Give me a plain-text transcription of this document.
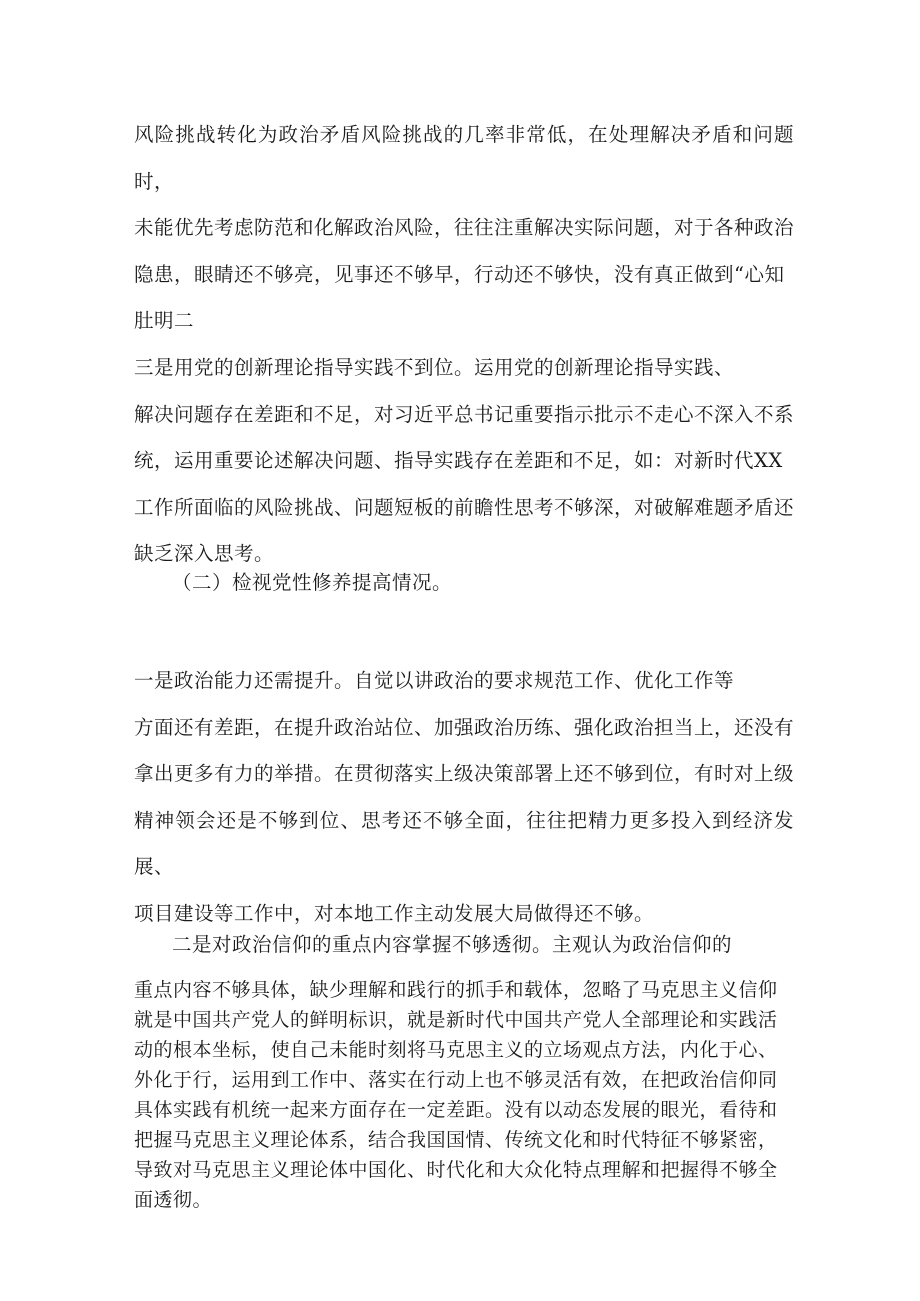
风险挑战转化为政治矛盾风险挑战的几率非常低，在处理解决矛盾和问题时，
未能优先考虑防范和化解政治风险，往往注重解决实际问题，对于各种政治
隐患，眼睛还不够亮，见事还不够早，行动还不够快，没有真正做到“心知
肚明二

三是用党的创新理论指导实践不到位。运用党的创新理论指导实践、
解决问题存在差距和不足，对习近平总书记重要指示批示不走心不深入不系
统，运用重要论述解决问题、指导实践存在差距和不足，如：对新时代XX
工作所面临的风险挑战、问题短板的前瞻性思考不够深，对破解难题矛盾还
缺乏深入思考。

（二）检视党性修养提高情况。

一是政治能力还需提升。自觉以讲政治的要求规范工作、优化工作等
方面还有差距，在提升政治站位、加强政治历练、强化政治担当上，还没有
拿出更多有力的举措。在贯彻落实上级决策部署上还不够到位，有时对上级
精神领会还是不够到位、思考还不够全面，往往把精力更多投入到经济发展、
项目建设等工作中，对本地工作主动发展大局做得还不够。

二是对政治信仰的重点内容掌握不够透彻。主观认为政治信仰的

重点内容不够具体，缺少理解和践行的抓手和载体，忽略了马克思主义信仰
就是中国共产党人的鲜明标识，就是新时代中国共产党人全部理论和实践活
动的根本坐标，使自己未能时刻将马克思主义的立场观点方法，内化于心、
外化于行，运用到工作中、落实在行动上也不够灵活有效，在把政治信仰同
具体实践有机统一起来方面存在一定差距。没有以动态发展的眼光，看待和
把握马克思主义理论体系，结合我国国情、传统文化和时代特征不够紧密，
导致对马克思主义理论体中国化、时代化和大众化特点理解和把握得不够全
面透彻。
